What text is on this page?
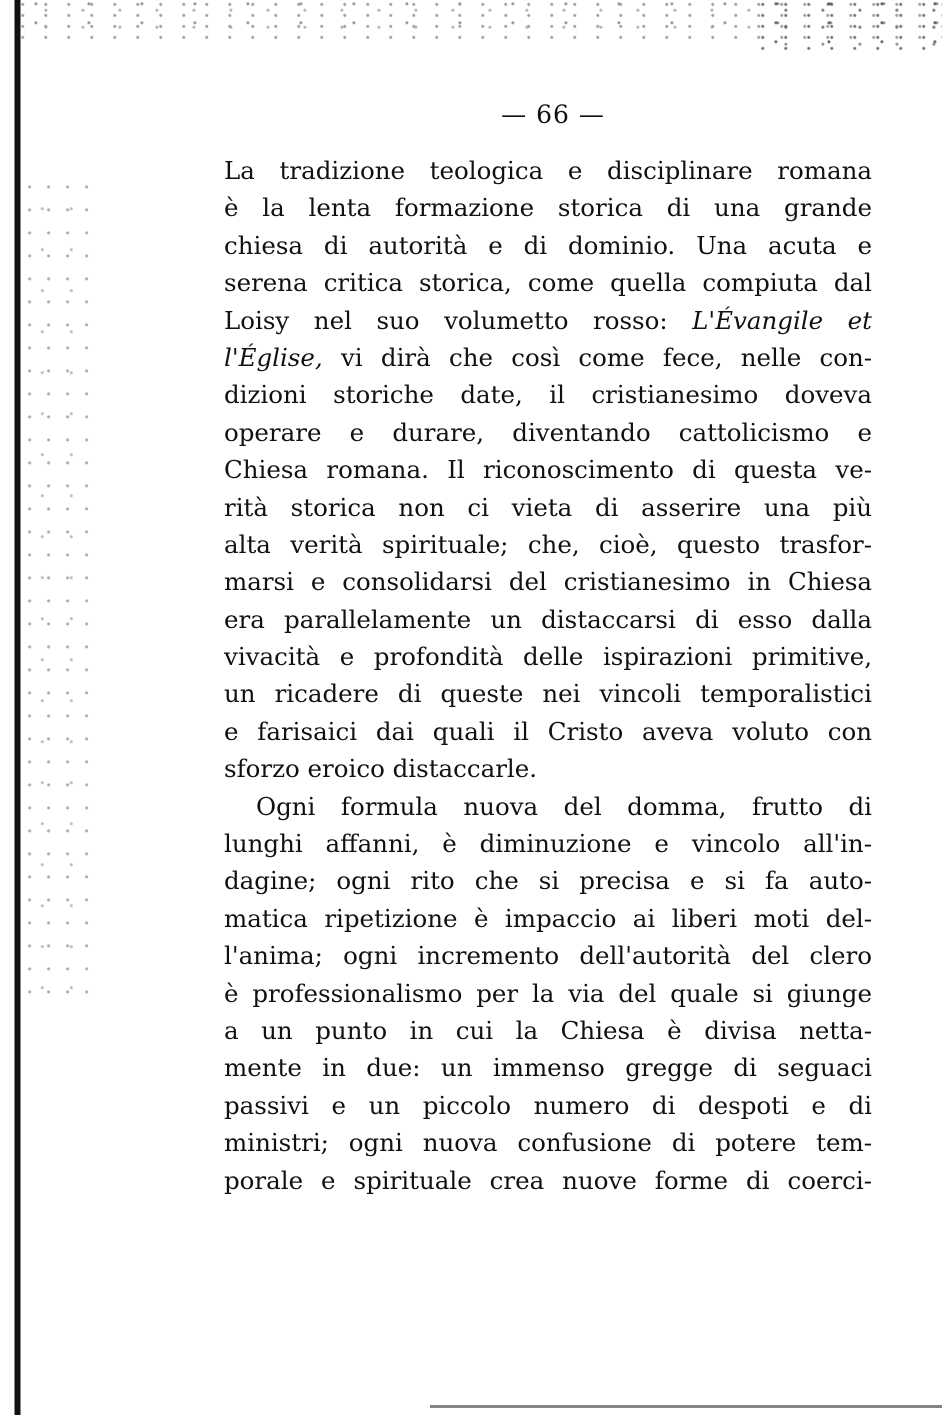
— 66 —
La tradizione teologica e disciplinare romana
è la lenta formazione storica di una grande
chiesa di autorità e di dominio. Una acuta e
serena critica storica, come quella compiuta dal
Loisy nel suo volumetto rosso: L'Évangile et
l'Église, vi dirà che così come fece, nelle con-
dizioni storiche date, il cristianesimo doveva
operare e durare, diventando cattolicismo e
Chiesa romana. Il riconoscimento di questa ve-
rità storica non ci vieta di asserire una più
alta verità spirituale; che, cioè, questo trasfor-
marsi e consolidarsi del cristianesimo in Chiesa
era parallelamente un distaccarsi di esso dalla
vivacità e profondità delle ispirazioni primitive,
un ricadere di queste nei vincoli temporalistici
e farisaici dai quali il Cristo aveva voluto con
sforzo eroico distaccarle.
Ogni formula nuova del domma, frutto di
lunghi affanni, è diminuzione e vincolo all'in-
dagine; ogni rito che si precisa e si fa auto-
matica ripetizione è impaccio ai liberi moti del-
l'anima; ogni incremento dell'autorità del clero
è professionalismo per la via del quale si giunge
a un punto in cui la Chiesa è divisa netta-
mente in due: un immenso gregge di seguaci
passivi e un piccolo numero di despoti e di
ministri; ogni nuova confusione di potere tem-
porale e spirituale crea nuove forme di coerci-
